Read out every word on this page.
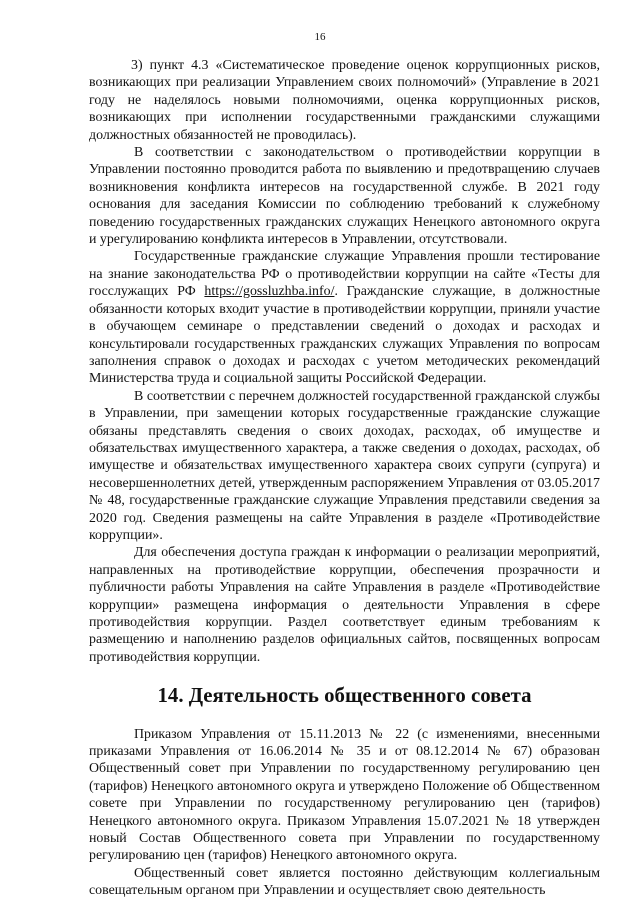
16

3) пункт 4.3 «Систематическое проведение оценок коррупционных рисков, возникающих при реализации Управлением своих полномочий» (Управление в 2021 году не наделялось новыми полномочиями, оценка коррупционных рисков, возникающих при исполнении государственными гражданскими служащими должностных обязанностей не проводилась).

В соответствии с законодательством о противодействии коррупции в Управлении постоянно проводится работа по выявлению и предотвращению случаев возникновения конфликта интересов на государственной службе. В 2021 году основания для заседания Комиссии по соблюдению требований к служебному поведению государственных гражданских служащих Ненецкого автономного округа и урегулированию конфликта интересов в Управлении, отсутствовали.

Государственные гражданские служащие Управления прошли тестирование на знание законодательства РФ о противодействии коррупции на сайте «Тесты для госслужащих РФ https://gossluzhba.info/. Гражданские служащие, в должностные обязанности которых входит участие в противодействии коррупции, приняли участие в обучающем семинаре о представлении сведений о доходах и расходах и консультировали государственных гражданских служащих Управления по вопросам заполнения справок о доходах и расходах с учетом методических рекомендаций Министерства труда и социальной защиты Российской Федерации.

В соответствии с перечнем должностей государственной гражданской службы в Управлении, при замещении которых государственные гражданские служащие обязаны представлять сведения о своих доходах, расходах, об имуществе и обязательствах имущественного характера, а также сведения о доходах, расходах, об имуществе и обязательствах имущественного характера своих супруги (супруга) и несовершеннолетних детей, утвержденным распоряжением Управления от 03.05.2017 № 48, государственные гражданские служащие Управления представили сведения за 2020 год. Сведения размещены на сайте Управления в разделе «Противодействие коррупции».

Для обеспечения доступа граждан к информации о реализации мероприятий, направленных на противодействие коррупции, обеспечения прозрачности и публичности работы Управления на сайте Управления в разделе «Противодействие коррупции» размещена информация о деятельности Управления в сфере противодействия коррупции. Раздел соответствует единым требованиям к размещению и наполнению разделов официальных сайтов, посвященных вопросам противодействия коррупции.

14. Деятельность общественного совета

Приказом Управления от 15.11.2013 № 22 (с изменениями, внесенными приказами Управления от 16.06.2014 № 35 и от 08.12.2014 № 67) образован Общественный совет при Управлении по государственному регулированию цен (тарифов) Ненецкого автономного округа и утверждено Положение об Общественном совете при Управлении по государственному регулированию цен (тарифов) Ненецкого автономного округа. Приказом Управления 15.07.2021 № 18 утвержден новый Состав Общественного совета при Управлении по государственному регулированию цен (тарифов) Ненецкого автономного округа.

Общественный совет является постоянно действующим коллегиальным совещательным органом при Управлении и осуществляет свою деятельность
